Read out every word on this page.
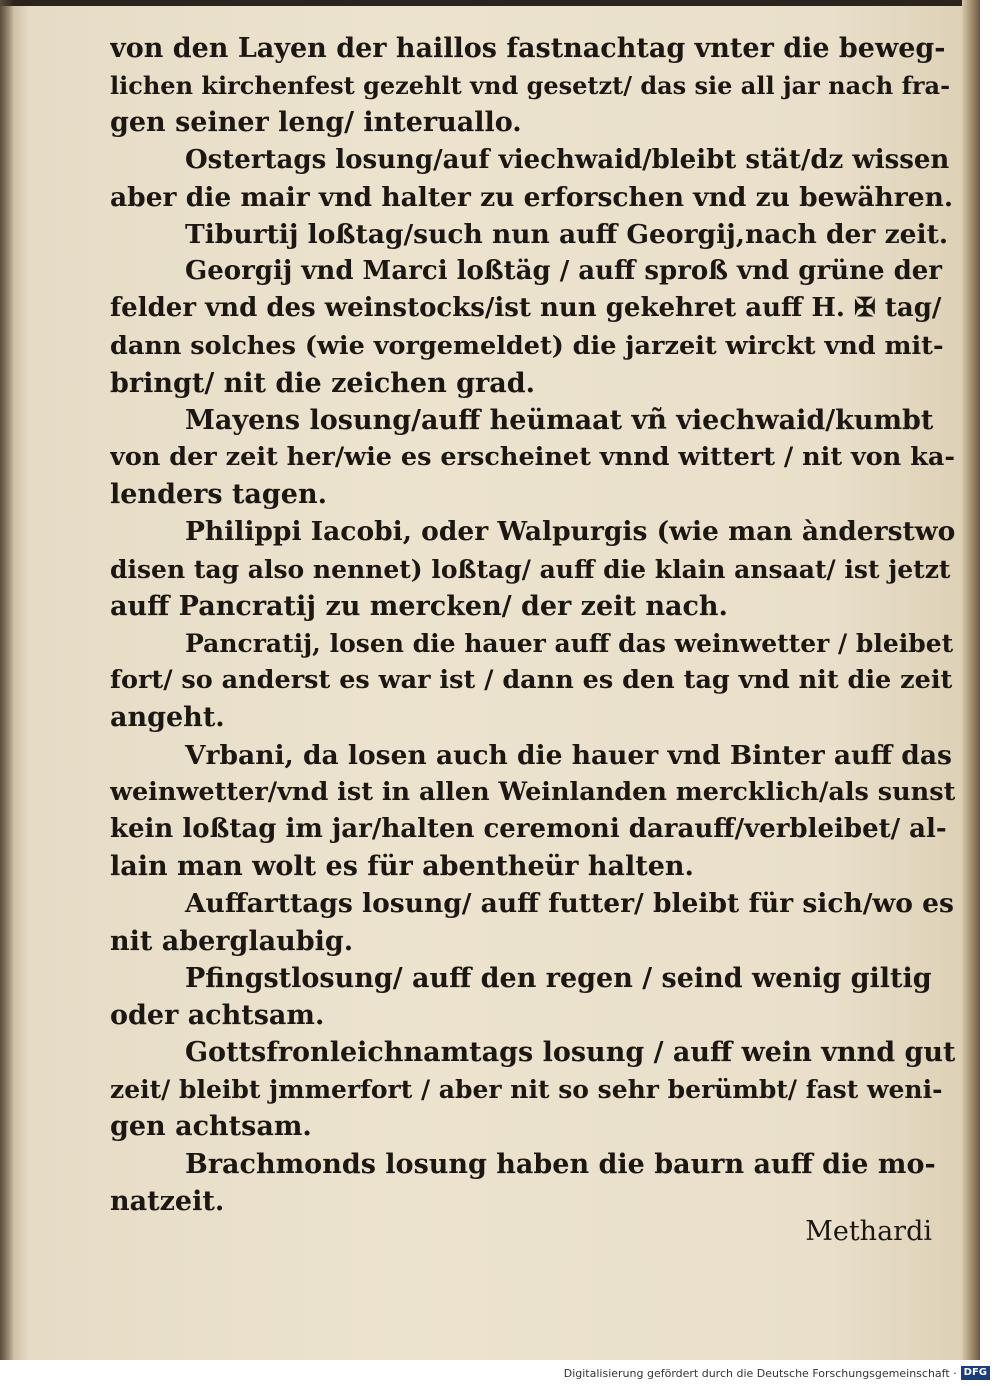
von den Layen der haillos fastnachtag vnter die beweg-
lichen kirchenfest gezehlt vnd gesetzt/ das sie all jar nach fra-
gen seiner leng/ interuallo.
Ostertags losung/auf viechwaid/bleibt stät/dz wissen
aber die mair vnd halter zu erforschen vnd zu bewähren.
Tiburtij loßtag/such nun auff Georgij,nach der zeit.
Georgij vnd Marci loßtäg / auff sproß vnd grüne der
felder vnd des weinstocks/ist nun gekehret auff H. ✠ tag/
dann solches (wie vorgemeldet) die jarzeit wirckt vnd mit-
bringt/ nit die zeichen grad.
Mayens losung/auff heümaat vñ viechwaid/kumbt
von der zeit her/wie es erscheinet vnnd wittert / nit von ka-
lenders tagen.
Philippi Iacobi, oder Walpurgis (wie man ànderstwo
disen tag also nennet) loßtag/ auff die klain ansaat/ ist jetzt
auff Pancratij zu mercken/ der zeit nach.
Pancratij, losen die hauer auff das weinwetter / bleibet
fort/ so anderst es war ist / dann es den tag vnd nit die zeit
angeht.
Vrbani, da losen auch die hauer vnd Binter auff das
weinwetter/vnd ist in allen Weinlanden mercklich/als sunst
kein loßtag im jar/halten ceremoni darauff/verbleibet/ al-
lain man wolt es für abentheür halten.
Auffarttags losung/ auff futter/ bleibt für sich/wo es
nit aberglaubig.
Pfingstlosung/ auff den regen / seind wenig giltig
oder achtsam.
Gottsfronleichnamtags losung / auff wein vnnd gut
zeit/ bleibt jmmerfort / aber nit so sehr berümbt/ fast weni-
gen achtsam.
Brachmonds losung haben die baurn auff die mo-
natzeit.
Methardi
Digitalisierung gefördert durch die Deutsche Forschungsgemeinschaft · DFG
